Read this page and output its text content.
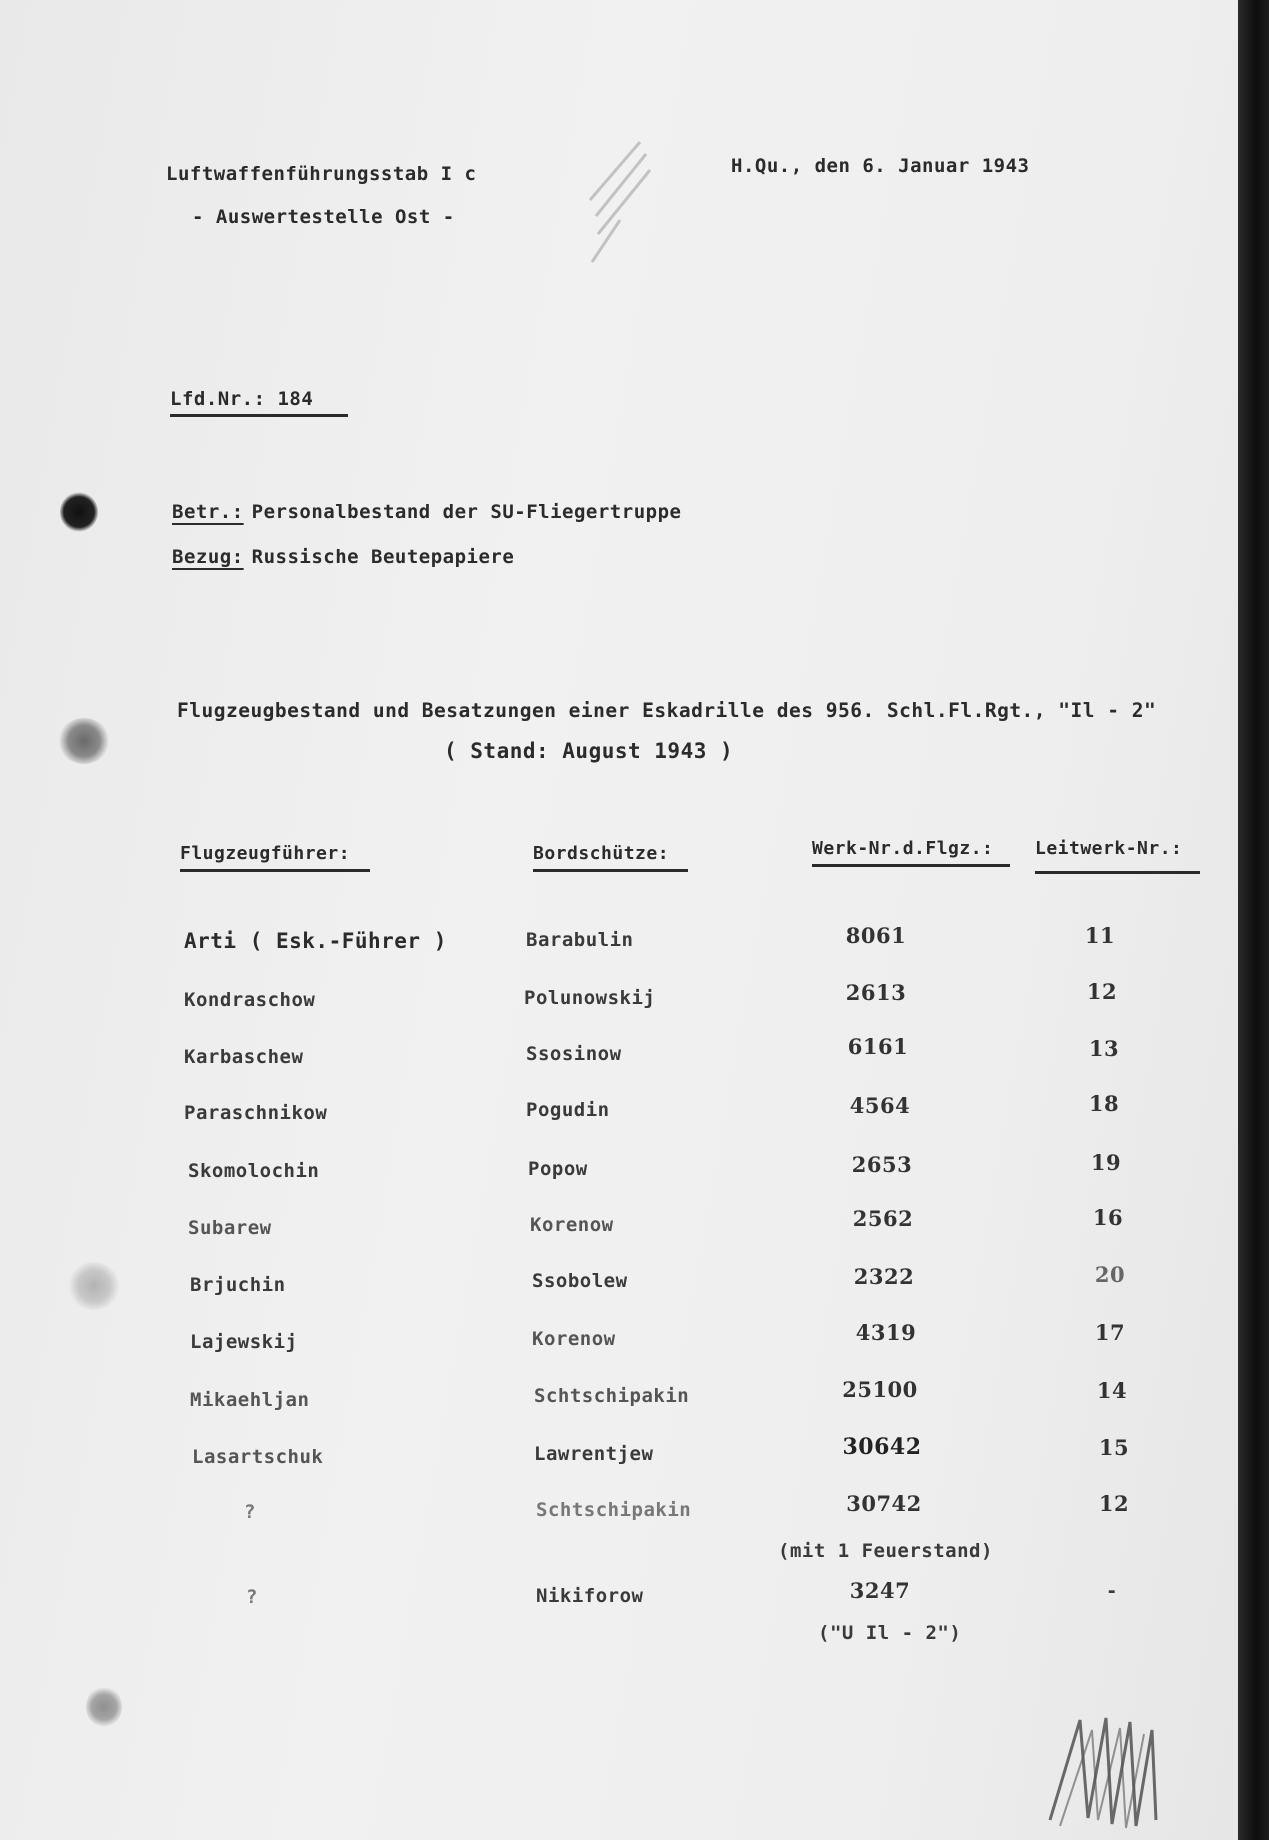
Luftwaffenführungsstab I c
- Auswertestelle Ost -
H.Qu., den 6. Januar 1943
Lfd.Nr.: 184
Betr.: Personalbestand der SU-Fliegertruppe
Bezug: Russische Beutepapiere
Flugzeugbestand und Besatzungen einer Eskadrille des 956. Schl.Fl.Rgt., "Il - 2"
( Stand: August 1943 )
Flugzeugführer:	Bordschütze:	Werk-Nr.d.Flgz.: Leitwerk-Nr.:
Arti ( Esk.-Führer )	Barabulin	8061	11
Kondraschow	Polunowskij	2613	12
Karbaschew	Ssosinow	6161	13
Paraschnikow	Pogudin	4564	18
Skomolochin	Popow	2653	19
Subarew	Korenow	2562	16
Brjuchin	Ssobolew	2322	20
Lajewskij	Korenow	4319	17
Mikaehljan	Schtschipakin	25100	14
Lasartschuk	Lawrentjew	30642	15
?	Schtschipakin	30742	12
(mit 1 Feuerstand)
?	Nikiforow	3247	-
("U Il - 2")
